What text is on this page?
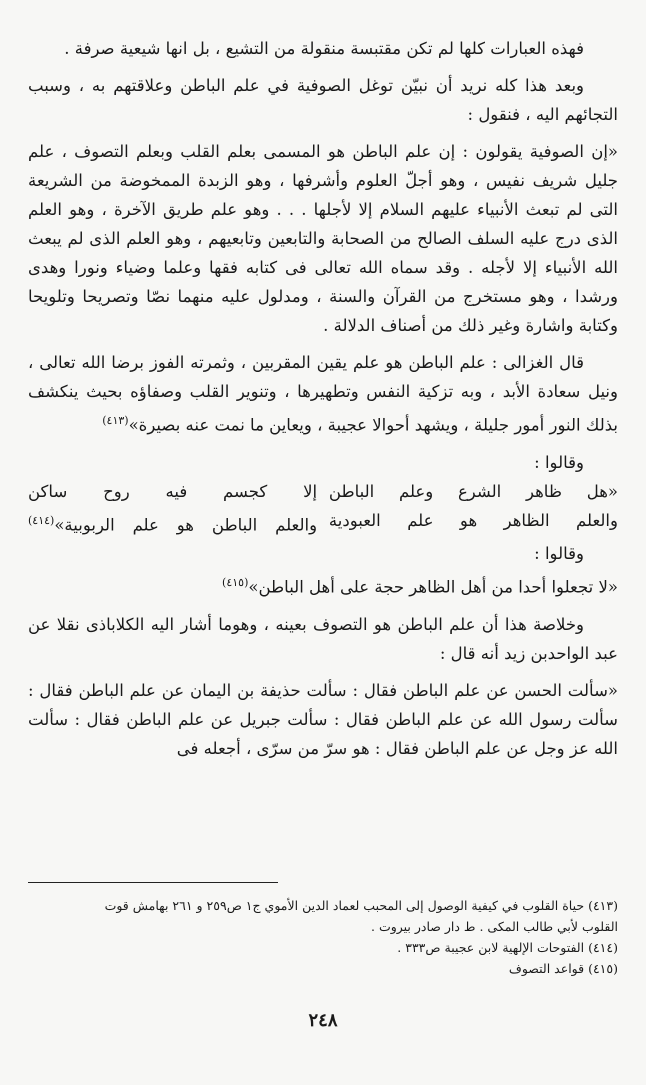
فهذه العبارات كلها لم تكن مقتبسة منقولة من التشيع ، بل انها شيعية صرفة .

وبعد هذا كله نريد أن نبيّن توغل الصوفية في علم الباطن وعلاقتهم به ، وسبب التجائهم اليه ، فنقول :

«إن الصوفية يقولون : إن علم الباطن هو المسمى بعلم القلب وبعلم التصوف ، علم جليل شريف نفيس ، وهو أجلّ العلوم وأشرفها ، وهو الزبدة الممخوضة من الشريعة التى لم تبعث الأنبياء عليهم السلام إلا لأجلها . . . وهو علم طريق الآخرة ، وهو العلم الذى درج عليه السلف الصالح من الصحابة والتابعين وتابعيهم ، وهو العلم الذى لم يبعث الله الأنبياء إلا لأجله . وقد سماه الله تعالى فى كتابه فقها وعلما وضياء ونورا وهدى ورشدا ، وهو مستخرج من القرآن والسنة ، ومدلول عليه منهما نصّا وتصريحا وتلويحا وكتابة واشارة وغير ذلك من أصناف الدلالة .

قال الغزالى : علم الباطن هو علم يقين المقربين ، وثمرته الفوز برضا الله تعالى ، ونيل سعادة الأبد ، وبه تزكية النفس وتطهيرها ، وتنوير القلب وصفاؤه بحيث ينكشف بذلك النور أمور جليلة ، ويشهد أحوالا عجيبة ، ويعاين ما نمت عنه بصيرة»$^{(٤١٣)}$

وقالوا :

«هل ظاهر الشرع وعلم الباطن
إلا كجسم فيه روح ساكن
والعلم الظاهر هو علم العبودية
والعلم الباطن هو علم الربوبية»$^{(٤١٤)}$

وقالوا :

«لا تجعلوا أحدا من أهل الظاهر حجة على أهل الباطن»$^{(٤١٥)}$

وخلاصة هذا أن علم الباطن هو التصوف بعينه ، وهوما أشار اليه الكلاباذى نقلا عن عبد الواحدبن زيد أنه قال :

«سألت الحسن عن علم الباطن فقال : سألت حذيفة بن اليمان عن علم الباطن فقال : سألت رسول الله عن علم الباطن فقال : سألت جبريل عن علم الباطن فقال : سألت الله عز وجل عن علم الباطن فقال : هو سرّ من سرّى ، أجعله فى

(٤١٣) حياة القلوب في كيفية الوصول إلى المحبب لعماد الدين الأموي ج١ ص٢٥٩ و ٢٦١ بهامش قوت
القلوب لأبي طالب المكى . ط دار صادر بيروت .
(٤١٤) الفتوحات الإلهية لابن عجيبة ص٣٣٣ .
(٤١٥) قواعد التصوف
٢٤٨
